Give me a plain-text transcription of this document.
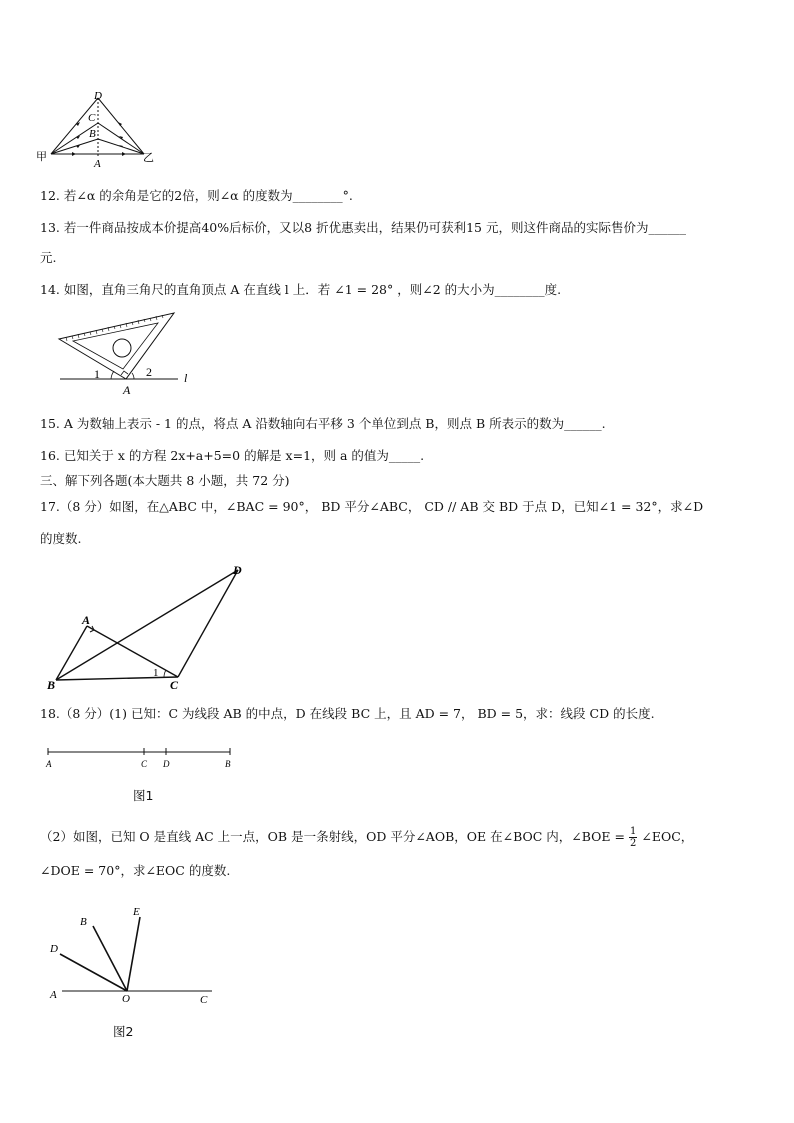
D
C
B
A
甲	乙
12. 若∠α 的余角是它的2倍，则∠α 的度数为________°.
13. 若一件商品按成本价提高40%后标价，又以8 折优惠卖出，结果仍可获利15 元，则这件商品的实际售价为______
元.
14. 如图，直角三角尺的直角顶点 A 在直线 l 上．若 ∠1 = 28° ，则∠2 的大小为________度.
1	2
A
l
15. A 为数轴上表示 - 1 的点，将点 A 沿数轴向右平移 3 个单位到点 B，则点 B 所表示的数为______.
16. 已知关于 x 的方程 2x+a+5=0 的解是 x=1，则 a 的值为_____.
三、解下列各题(本大题共 8 小题，共 72 分)
17.（8 分）如图，在△ABC 中，∠BAC = 90°， BD 平分∠ABC， CD // AB 交 BD 于点 D，已知∠1 = 32°，求∠D
的度数.
A
B	C
D
1
18.（8 分）(1) 已知：C 为线段 AB 的中点，D 在线段 BC 上，且 AD = 7， BD = 5，求：线段 CD 的长度.
A	C D	B
图1
（2）如图，已知 O 是直线 AC 上一点，OB 是一条射线，OD 平分∠AOB，OE 在∠BOC 内，∠BOE = $\frac{1}{2}$ ∠EOC，
∠DOE = 70°，求∠EOC 的度数.
B
E
D
A	O	C
图2
